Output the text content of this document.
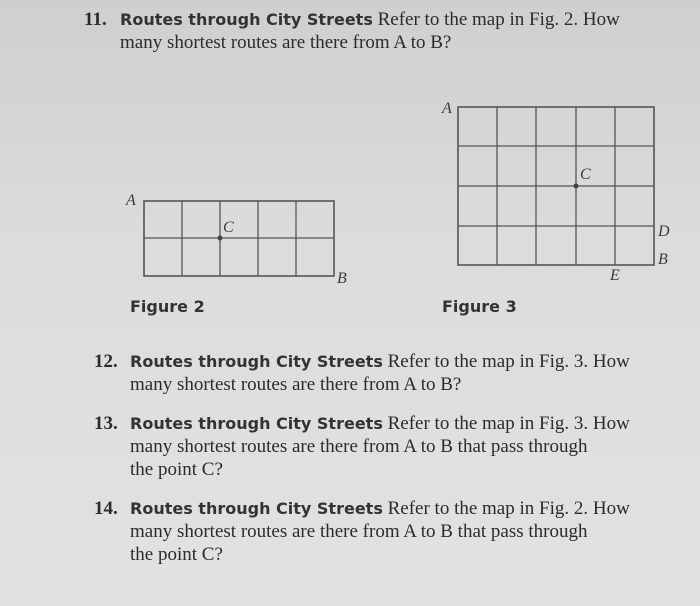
11. Routes through City Streets Refer to the map in Fig. 2. How
many shortest routes are there from A to B?
A
C
B
Figure 2
A
C
D
B
E
Figure 3
12. Routes through City Streets Refer to the map in Fig. 3. How
many shortest routes are there from A to B?
13. Routes through City Streets Refer to the map in Fig. 3. How
many shortest routes are there from A to B that pass through
the point C?
14. Routes through City Streets Refer to the map in Fig. 2. How
many shortest routes are there from A to B that pass through
the point C?
